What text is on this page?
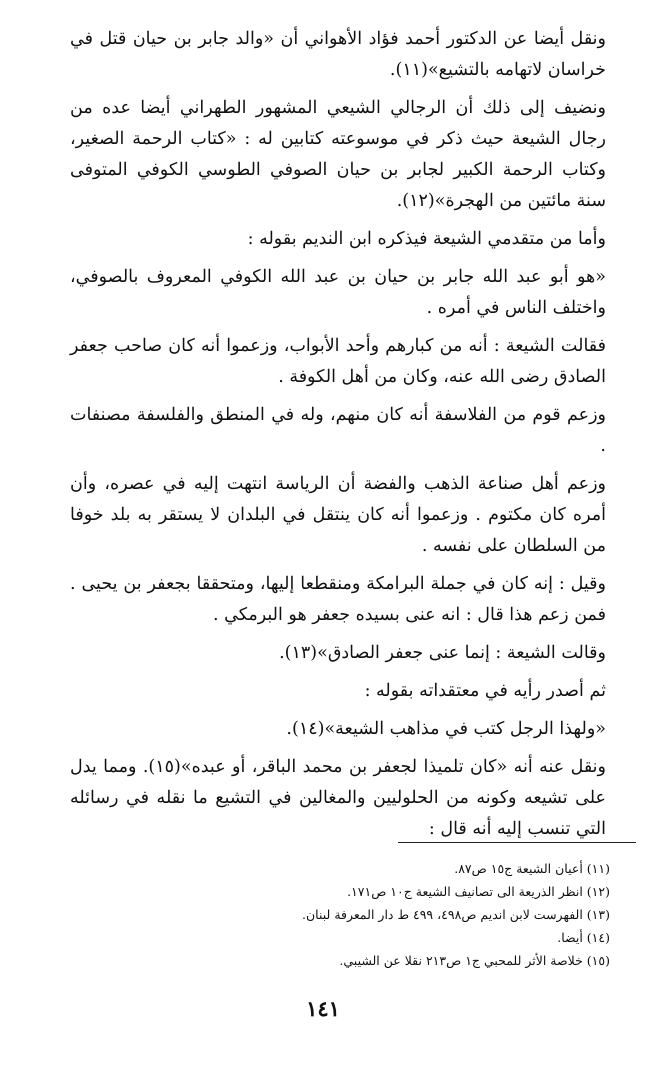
ونقل أيضا عن الدكتور أحمد فؤاد الأهواني أن «والد جابر بن حيان قتل في خراسان لاتهامه بالتشيع»(١١).

ونضيف إلى ذلك أن الرجالي الشيعي المشهور الطهراني أيضا عده من رجال الشيعة حيث ذكر في موسوعته كتابين له : «كتاب الرحمة الصغير، وكتاب الرحمة الكبير لجابر بن حيان الصوفي الطوسي الكوفي المتوفى سنة مائتين من الهجرة»(١٢).

وأما من متقدمي الشيعة فيذكره ابن النديم بقوله :

«هو أبو عبد الله جابر بن حيان بن عبد الله الكوفي المعروف بالصوفي، واختلف الناس في أمره .

فقالت الشيعة : أنه من كبارهم وأحد الأبواب، وزعموا أنه كان صاحب جعفر الصادق رضى الله عنه، وكان من أهل الكوفة .

وزعم قوم من الفلاسفة أنه كان منهم، وله في المنطق والفلسفة مصنفات .

وزعم أهل صناعة الذهب والفضة أن الرياسة انتهت إليه في عصره، وأن أمره كان مكتوم . وزعموا أنه كان ينتقل في البلدان لا يستقر به بلد خوفا من السلطان على نفسه .

وقيل : إنه كان في جملة البرامكة ومنقطعا إليها، ومتحققا بجعفر بن يحيى . فمن زعم هذا قال : انه عنى بسيده جعفر هو البرمكي .

وقالت الشيعة : إنما عنى جعفر الصادق»(١٣).

ثم أصدر رأيه في معتقداته بقوله :

«ولهذا الرجل كتب في مذاهب الشيعة»(١٤).

ونقل عنه أنه «كان تلميذا لجعفر بن محمد الباقر، أو عبده»(١٥). ومما يدل على تشيعه وكونه من الحلوليين والمغالين في التشيع ما نقله في رسائله التي تنسب إليه أنه قال :

(١١) أعيان الشيعة ج١٥ ص٨٧.

(١٢) انظر الذريعة الى تصانيف الشيعة ج١٠ ص١٧١.

(١٣) الفهرست لابن انديم ص٤٩٨، ٤٩٩ ط دار المعرفة لبنان.

(١٤) أيضا.

(١٥) خلاصة الأثر للمحبي ج١ ص٢١٣ نقلا عن الشيبي.

١٤١
